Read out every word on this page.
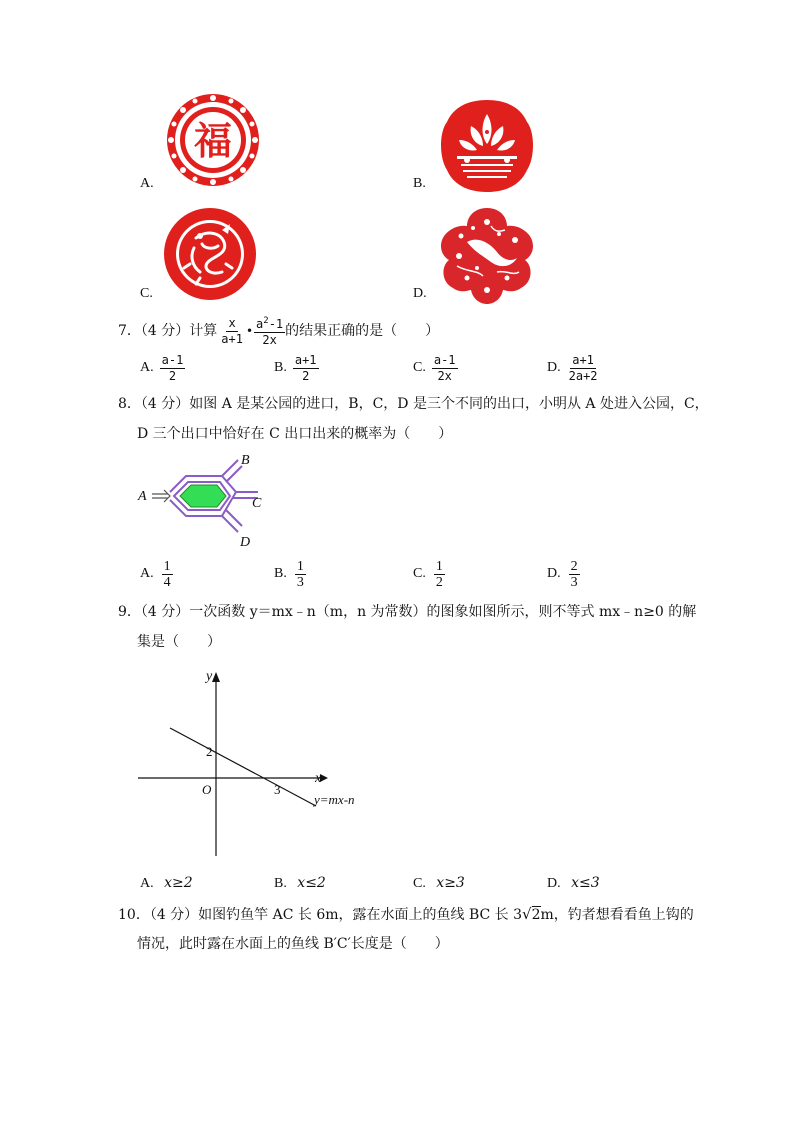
A.
福
B.
C.	D.
7．（4 分）计算 $\frac{x}{a+1}$ • $\frac{a^2-1}{2x}$ 的结果正确的是（　　）
A. $\frac{a-1}{2}$	B. $\frac{a+1}{2}$	C. $\frac{a-1}{2x}$	D. $\frac{a+1}{2a+2}$
8．（4 分）如图 A 是某公园的进口，B，C，D 是三个不同的出口，小明从 A 处进入公园，C，
D 三个出口中恰好在 C 出口出来的概率为（　　）
A
B
C
D
A. $\frac{1}{4}$	B. $\frac{1}{3}$	C. $\frac{1}{2}$	D. $\frac{2}{3}$
9．（4 分）一次函数 y＝mx﹣n（m，n 为常数）的图象如图所示，则不等式 mx﹣n≥0 的解
集是（　　）
y
x
O
2
3
y=mx-n
A. x≥2	B. x≤2	C. x≥3	D. x≤3
10．（4 分）如图钓鱼竿 AC 长 6m，露在水面上的鱼线 BC 长 3√2m，钓者想看看鱼上钩的
情况，此时露在水面上的鱼线 B′C′长度是（　　）
